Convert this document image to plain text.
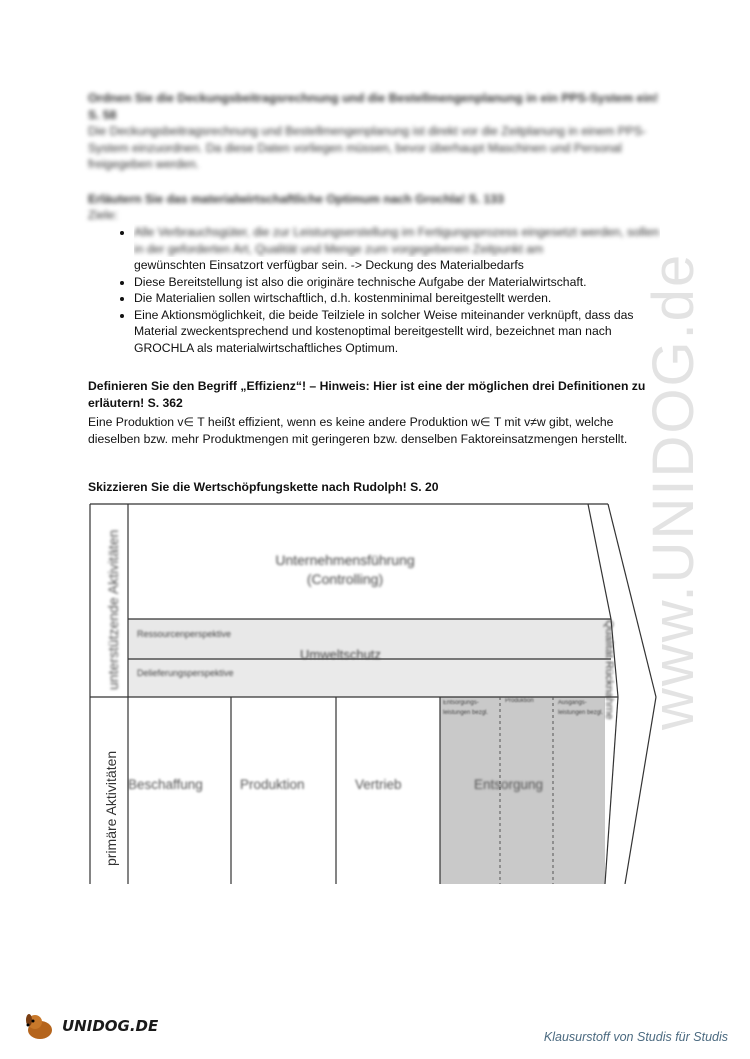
www.UNIDOG.de
Ordnen Sie die Deckungsbeitragsrechnung und die Bestellmengenplanung in ein PPS-System ein! S. 58
Die Deckungsbeitragsrechnung und Bestellmengenplanung ist direkt vor die Zeitplanung in einem PPS-System einzuordnen. Da diese Daten vorliegen müssen, bevor überhaupt Maschinen und Personal freigegeben werden.
Erläutern Sie das materialwirtschaftliche Optimum nach Grochla! S. 133
Ziele:
• Alle Verbrauchsgüter, die zur Leistungserstellung im Fertigungsprozess eingesetzt werden, sollen in der geforderten Art, Qualität und Menge zum vorgegebenen Zeitpunkt am
gewünschten Einsatzort verfügbar sein. -> Deckung des Materialbedarfs
• Diese Bereitstellung ist also die originäre technische Aufgabe der Materialwirtschaft.
• Die Materialien sollen wirtschaftlich, d.h. kostenminimal bereitgestellt werden.
• Eine Aktionsmöglichkeit, die beide Teilziele in solcher Weise miteinander verknüpft, dass das Material zweckentsprechend und kostenoptimal bereitgestellt wird, bezeichnet man nach GROCHLA als materialwirtschaftliches Optimum.
Definieren Sie den Begriff „Effizienz“! – Hinweis: Hier ist eine der möglichen drei Definitionen zu erläutern! S. 362
Eine Produktion v∈ T heißt effizient, wenn es keine andere Produktion w∈ T mit v≠w gibt, welche dieselben bzw. mehr Produktmengen mit geringeren bzw. denselben Faktoreinsatzmengen herstellt.
Skizzieren Sie die Wertschöpfungskette nach Rudolph! S. 20
Unternehmensführung
(Controlling)
Ressourcenperspektive
Umweltschutz
Delieferungsperspektive
unterstützende Aktivitäten
primäre Aktivitäten Beschaffung	Produktion	Vertrieb	Entsorgung
Entsorgungs-leistungen bezgl.
Produktion	Ausgangs-leistungen bezgl. Qualität Rücknahme
UNIDOG.DE
Klausurstoff von Studis für Studis
